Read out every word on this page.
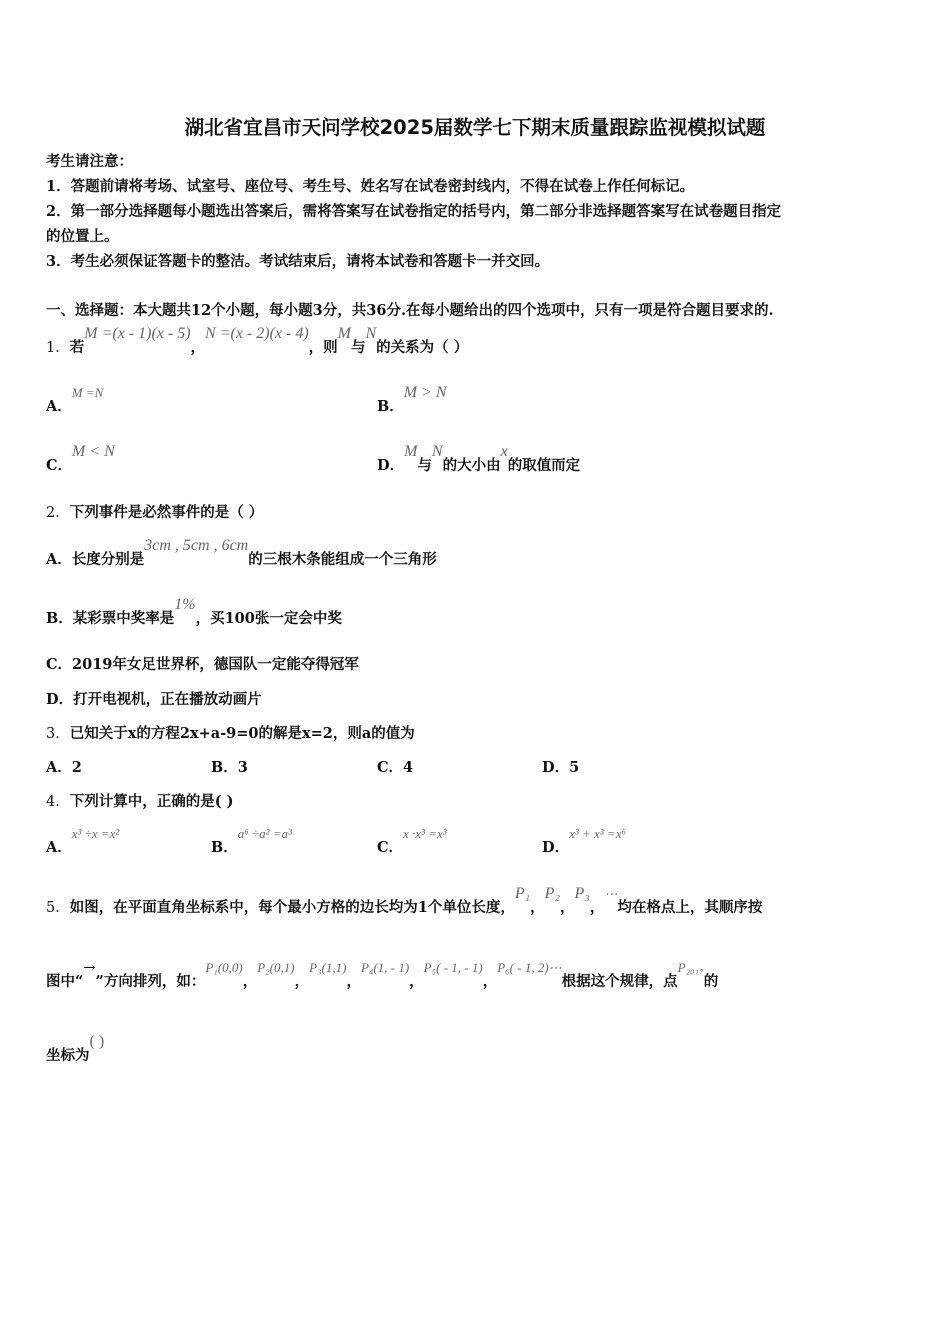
湖北省宜昌市天问学校2025届数学七下期末质量跟踪监视模拟试题
考生请注意：
1．答题前请将考场、试室号、座位号、考生号、姓名写在试卷密封线内，不得在试卷上作任何标记。
2．第一部分选择题每小题选出答案后，需将答案写在试卷指定的括号内，第二部分非选择题答案写在试卷题目指定
的位置上。
3．考生必须保证答题卡的整洁。考试结束后，请将本试卷和答题卡一并交回。
一、选择题：本大题共12个小题，每小题3分，共36分.在每小题给出的四个选项中，只有一项是符合题目要求的.
1．若M =(x - 1)(x - 5)，N =(x - 2)(x - 4)，则M与N的关系为（ ）
A．M =N
B．M > N
C．M < N
D．M与N的大小由x的取值而定
2．下列事件是必然事件的是（ ）
A．长度分别是3cm , 5cm , 6cm的三根木条能组成一个三角形
B．某彩票中奖率是1%，买100张一定会中奖
C．2019年女足世界杯，德国队一定能夺得冠军
D．打开电视机，正在播放动画片
3．已知关于x的方程2x+a-9=0的解是x=2，则a的值为
A．2	B．3	C．4	D．5
4．下列计算中，正确的是( )
A．x³ ÷x =x²
B．a⁶ ÷a² =a³
C．x ·x³ =x³
D．x³ + x³ =x⁶
5．如图，在平面直角坐标系中，每个最小方格的边长均为1个单位长度，P₁，P₂，P₃，⋯均在格点上，其顺序按
图中“→”方向排列，如：P₁(0,0)，P₂(0,1)，P₃(1,1)，P₄(1, - 1)，P₅( - 1, - 1)，P₆( - 1, 2)⋯根据这个规律，点P₂₀₁₇的
坐标为( )
